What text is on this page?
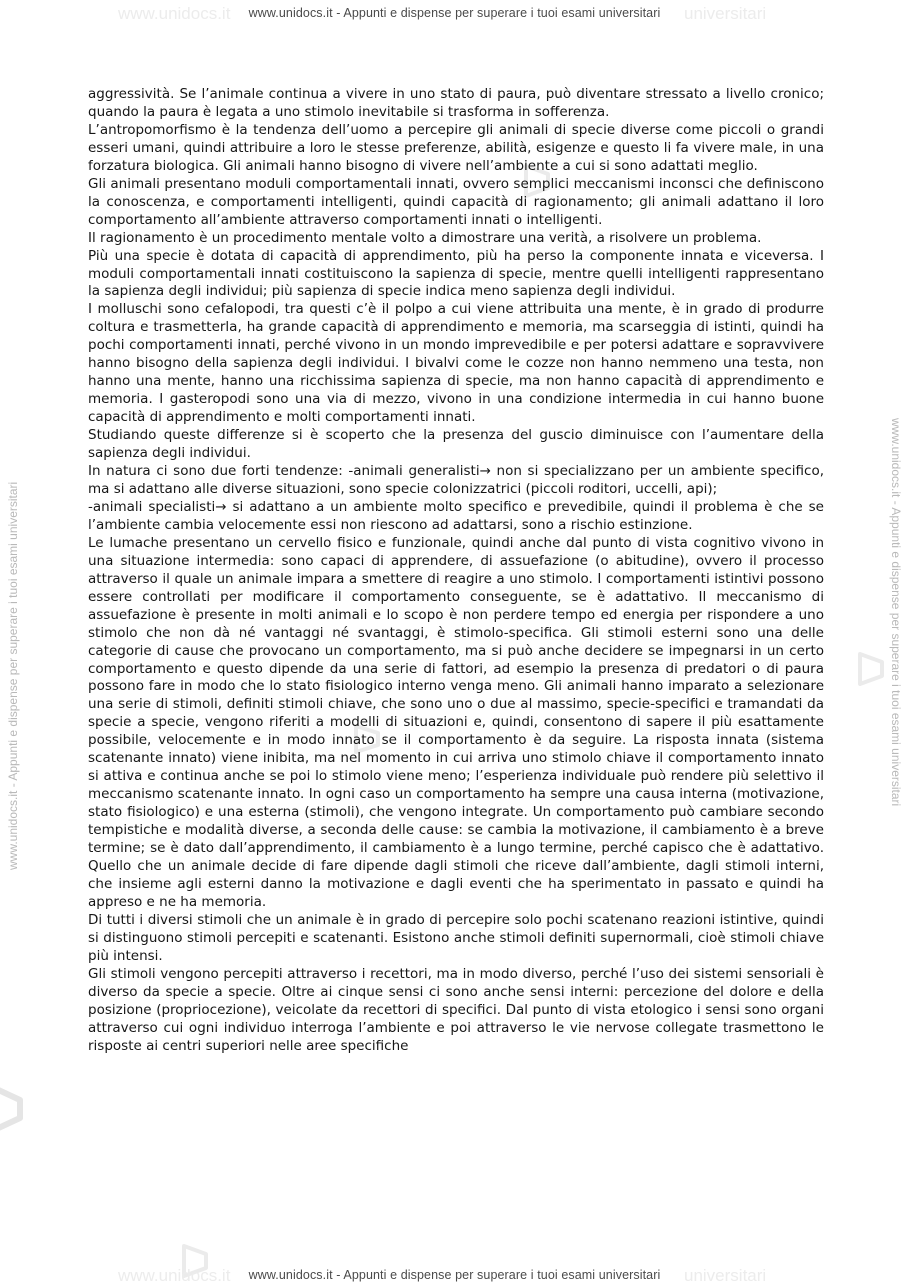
www.unidocs.it	universitari
www.unidocs.it - Appunti e dispense per superare i tuoi esami universitari
www.unidocs.it - Appunti e dispense per superare i tuoi esami universitari	www.unidocs.it - Appunti e dispense per superare i tuoi esami universitari

aggressività. Se l’animale continua a vivere in uno stato di paura, può diventare stressato a livello cronico; quando la paura è legata a uno stimolo inevitabile si trasforma in sofferenza.

L’antropomorfismo è la tendenza dell’uomo a percepire gli animali di specie diverse come piccoli o grandi esseri umani, quindi attribuire a loro le stesse preferenze, abilità, esigenze e questo li fa vivere male, in una forzatura biologica. Gli animali hanno bisogno di vivere nell’ambiente a cui si sono adattati meglio.

Gli animali presentano moduli comportamentali innati, ovvero semplici meccanismi inconsci che definiscono la conoscenza, e comportamenti intelligenti, quindi capacità di ragionamento; gli animali adattano il loro comportamento all’ambiente attraverso comportamenti innati o intelligenti.

Il ragionamento è un procedimento mentale volto a dimostrare una verità, a risolvere un problema.

Più una specie è dotata di capacità di apprendimento, più ha perso la componente innata e viceversa. I moduli comportamentali innati costituiscono la sapienza di specie, mentre quelli intelligenti rappresentano la sapienza degli individui; più sapienza di specie indica meno sapienza degli individui.

I molluschi sono cefalopodi, tra questi c’è il polpo a cui viene attribuita una mente, è in grado di produrre coltura e trasmetterla, ha grande capacità di apprendimento e memoria, ma scarseggia di istinti, quindi ha pochi comportamenti innati, perché vivono in un mondo imprevedibile e per potersi adattare e sopravvivere hanno bisogno della sapienza degli individui. I bivalvi come le cozze non hanno nemmeno una testa, non hanno una mente, hanno una ricchissima sapienza di specie, ma non hanno capacità di apprendimento e memoria. I gasteropodi sono una via di mezzo, vivono in una condizione intermedia in cui hanno buone capacità di apprendimento e molti comportamenti innati.

Studiando queste differenze si è scoperto che la presenza del guscio diminuisce con l’aumentare della sapienza degli individui.

In natura ci sono due forti tendenze: -animali generalisti→ non si specializzano per un ambiente specifico, ma si adattano alle diverse situazioni, sono specie colonizzatrici (piccoli roditori, uccelli, api);

-animali specialisti→ si adattano a un ambiente molto specifico e prevedibile, quindi il problema è che se l’ambiente cambia velocemente essi non riescono ad adattarsi, sono a rischio estinzione.

Le lumache presentano un cervello fisico e funzionale, quindi anche dal punto di vista cognitivo vivono in una situazione intermedia: sono capaci di apprendere, di assuefazione (o abitudine), ovvero il processo attraverso il quale un animale impara a smettere di reagire a uno stimolo. I comportamenti istintivi possono essere controllati per modificare il comportamento conseguente, se è adattativo. Il meccanismo di assuefazione è presente in molti animali e lo scopo è non perdere tempo ed energia per rispondere a uno stimolo che non dà né vantaggi né svantaggi, è stimolo-specifica. Gli stimoli esterni sono una delle categorie di cause che provocano un comportamento, ma si può anche decidere se impegnarsi in un certo comportamento e questo dipende da una serie di fattori, ad esempio la presenza di predatori o di paura possono fare in modo che lo stato fisiologico interno venga meno. Gli animali hanno imparato a selezionare una serie di stimoli, definiti stimoli chiave, che sono uno o due al massimo, specie-specifici e tramandati da specie a specie, vengono riferiti a modelli di situazioni e, quindi, consentono di sapere il più esattamente possibile, velocemente e in modo innato se il comportamento è da seguire. La risposta innata (sistema scatenante innato) viene inibita, ma nel momento in cui arriva uno stimolo chiave il comportamento innato si attiva e continua anche se poi lo stimolo viene meno; l’esperienza individuale può rendere più selettivo il meccanismo scatenante innato. In ogni caso un comportamento ha sempre una causa interna (motivazione, stato fisiologico) e una esterna (stimoli), che vengono integrate. Un comportamento può cambiare secondo tempistiche e modalità diverse, a seconda delle cause: se cambia la motivazione, il cambiamento è a breve termine; se è dato dall’apprendimento, il cambiamento è a lungo termine, perché capisco che è adattativo. Quello che un animale decide di fare dipende dagli stimoli che riceve dall’ambiente, dagli stimoli interni, che insieme agli esterni danno la motivazione e dagli eventi che ha sperimentato in passato e quindi ha appreso e ne ha memoria.

Di tutti i diversi stimoli che un animale è in grado di percepire solo pochi scatenano reazioni istintive, quindi si distinguono stimoli percepiti e scatenanti. Esistono anche stimoli definiti supernormali, cioè stimoli chiave più intensi.

Gli stimoli vengono percepiti attraverso i recettori, ma in modo diverso, perché l’uso dei sistemi sensoriali è diverso da specie a specie. Oltre ai cinque sensi ci sono anche sensi interni: percezione del dolore e della posizione (propriocezione), veicolate da recettori di specifici. Dal punto di vista etologico i sensi sono organi attraverso cui ogni individuo interroga l’ambiente e poi attraverso le vie nervose collegate trasmettono le risposte ai centri superiori nelle aree specifiche

www.unidocs.it	universitari
www.unidocs.it - Appunti e dispense per superare i tuoi esami universitari
